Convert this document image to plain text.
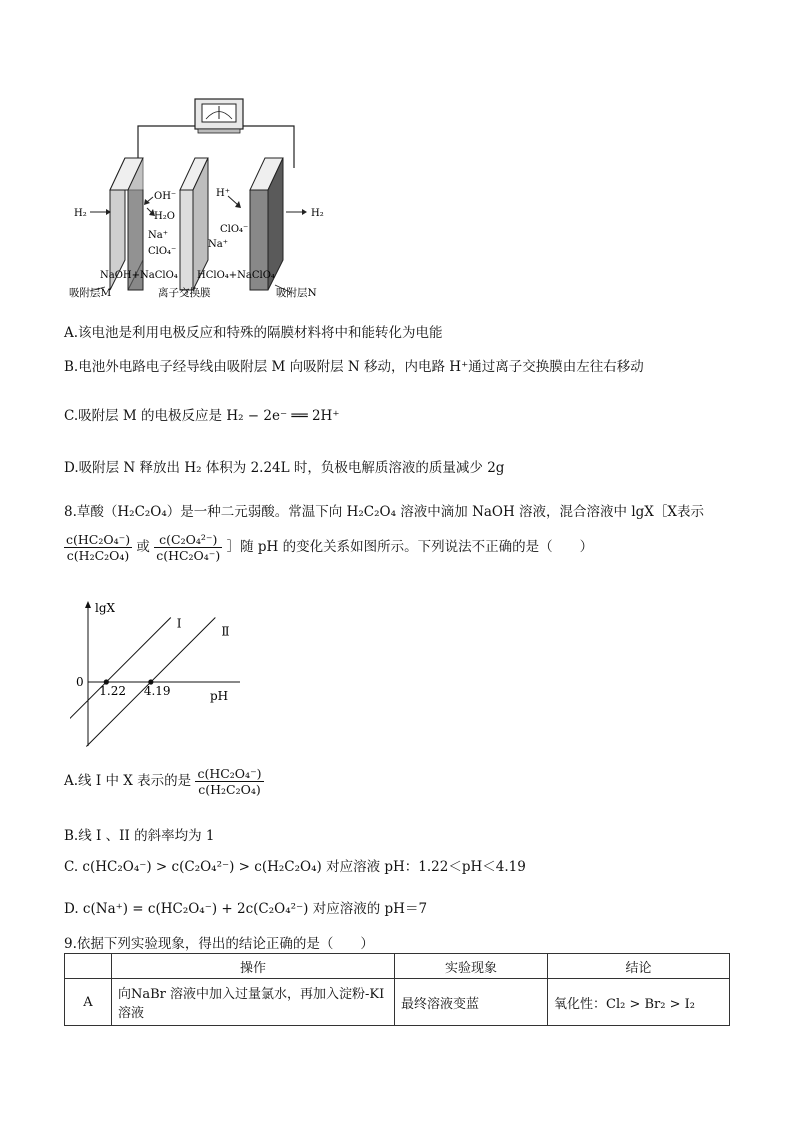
H₂	H₂
OH⁻
H₂O
Na⁺
ClO₄⁻
H⁺
ClO₄⁻
Na⁺
NaOH+NaClO₄ HClO₄+NaClO₄
吸附层M	离子交换膜	吸附层N
A.该电池是利用电极反应和特殊的隔膜材料将中和能转化为电能
B.电池外电路电子经导线由吸附层 M 向吸附层 N 移动，内电路 H⁺通过离子交换膜由左往右移动
C.吸附层 M 的电极反应是 H₂ − 2e⁻ ══ 2H⁺
D.吸附层 N 释放出 H₂ 体积为 2.24L 时，负极电解质溶液的质量减少 2g
8.草酸（H₂C₂O₄）是一种二元弱酸。常温下向 H₂C₂O₄ 溶液中滴加 NaOH 溶液，混合溶液中 lgX［X表示
$\frac{\text{c(HC₂O₄⁻)}}{\text{c(H₂C₂O₄)}}$ 或 $\frac{\text{c(C₂O₄²⁻)}}{\text{c(HC₂O₄⁻)}}$ ］随 pH 的变化关系如图所示。下列说法不正确的是（　　）
lgX
pH
0
I
1.22
Ⅱ
4.19
A.线 I 中 X 表示的是 $\frac{\text{c(HC₂O₄⁻)}}{\text{c(H₂C₂O₄)}}$
B.线 I 、II 的斜率均为 1
C. c(HC₂O₄⁻) > c(C₂O₄²⁻) > c(H₂C₂O₄) 对应溶液 pH：1.22＜pH＜4.19
D. c(Na⁺) = c(HC₂O₄⁻) + 2c(C₂O₄²⁻) 对应溶液的 pH＝7
9.依据下列实验现象，得出的结论正确的是（　　）
	操作	实验现象	结论
A	向NaBr 溶液中加入过量氯水，再加入淀粉-KI 溶液	最终溶液变蓝	氧化性：Cl₂ > Br₂ > I₂
